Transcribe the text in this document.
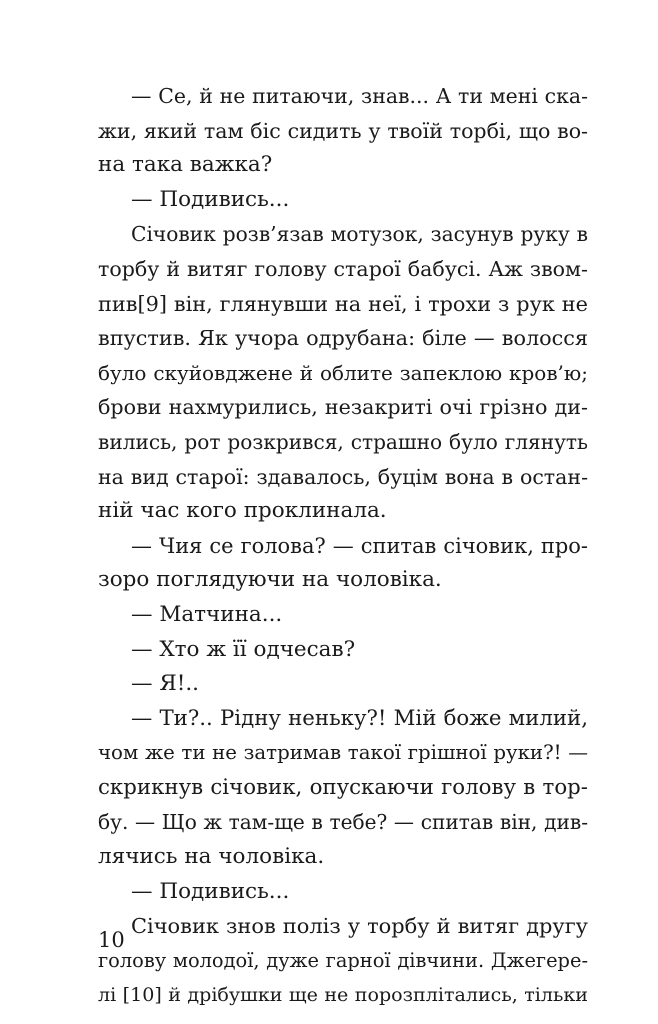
— Се, й не питаючи, знав... А ти мені ска-
жи, який там біс сидить у твоїй торбі, що во-
на така важка?
— Подивись...
Січовик розв’язав мотузок, засунув руку в
торбу й витяг голову старої бабусі. Аж звом-
пив[9] він, глянувши на неї, і трохи з рук не
впустив. Як учора одрубана: біле — волосся
було скуйовджене й облите запеклою кров’ю;
брови нахмурились, незакриті очі грізно ди-
вились, рот розкрився, страшно було глянуть
на вид старої: здавалось, буцім вона в остан-
ній час кого проклинала.
— Чия се голова? — спитав січовик, про-
зоро поглядуючи на чоловіка.
— Матчина...
— Хто ж її одчесав?
— Я!..
— Ти?.. Рідну неньку?! Мій боже милий,
чом же ти не затримав такої грішної руки?! —
скрикнув січовик, опускаючи голову в тор-
бу. — Що ж там-ще в тебе? — спитав він, див-
лячись на чоловіка.
— Подивись...
Січовик знов поліз у торбу й витяг другу
голову молодої, дуже гарної дівчини. Джегере-
лі [10] й дрібушки ще не порозплітались, тільки
10
